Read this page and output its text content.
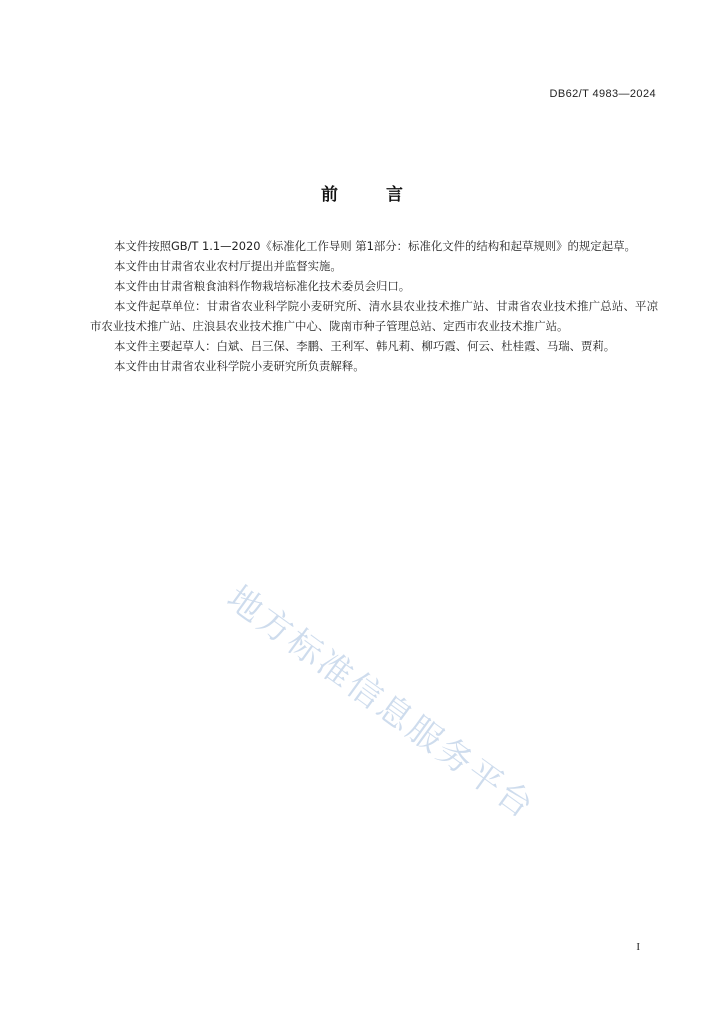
DB62/T 4983—2024
前	言

本文件按照GB/T 1.1—2020《标准化工作导则 第1部分：标准化文件的结构和起草规则》的规定起草。

本文件由甘肃省农业农村厅提出并监督实施。

本文件由甘肃省粮食油料作物栽培标准化技术委员会归口。

本文件起草单位：甘肃省农业科学院小麦研究所、清水县农业技术推广站、甘肃省农业技术推广总站、平凉市农业技术推广站、庄浪县农业技术推广中心、陇南市种子管理总站、定西市农业技术推广站。

本文件主要起草人：白斌、吕三保、李鹏、王利军、韩凡莉、柳巧霞、何云、杜桂霞、马瑞、贾莉。

本文件由甘肃省农业科学院小麦研究所负责解释。

地方标准信息服务平台
I
